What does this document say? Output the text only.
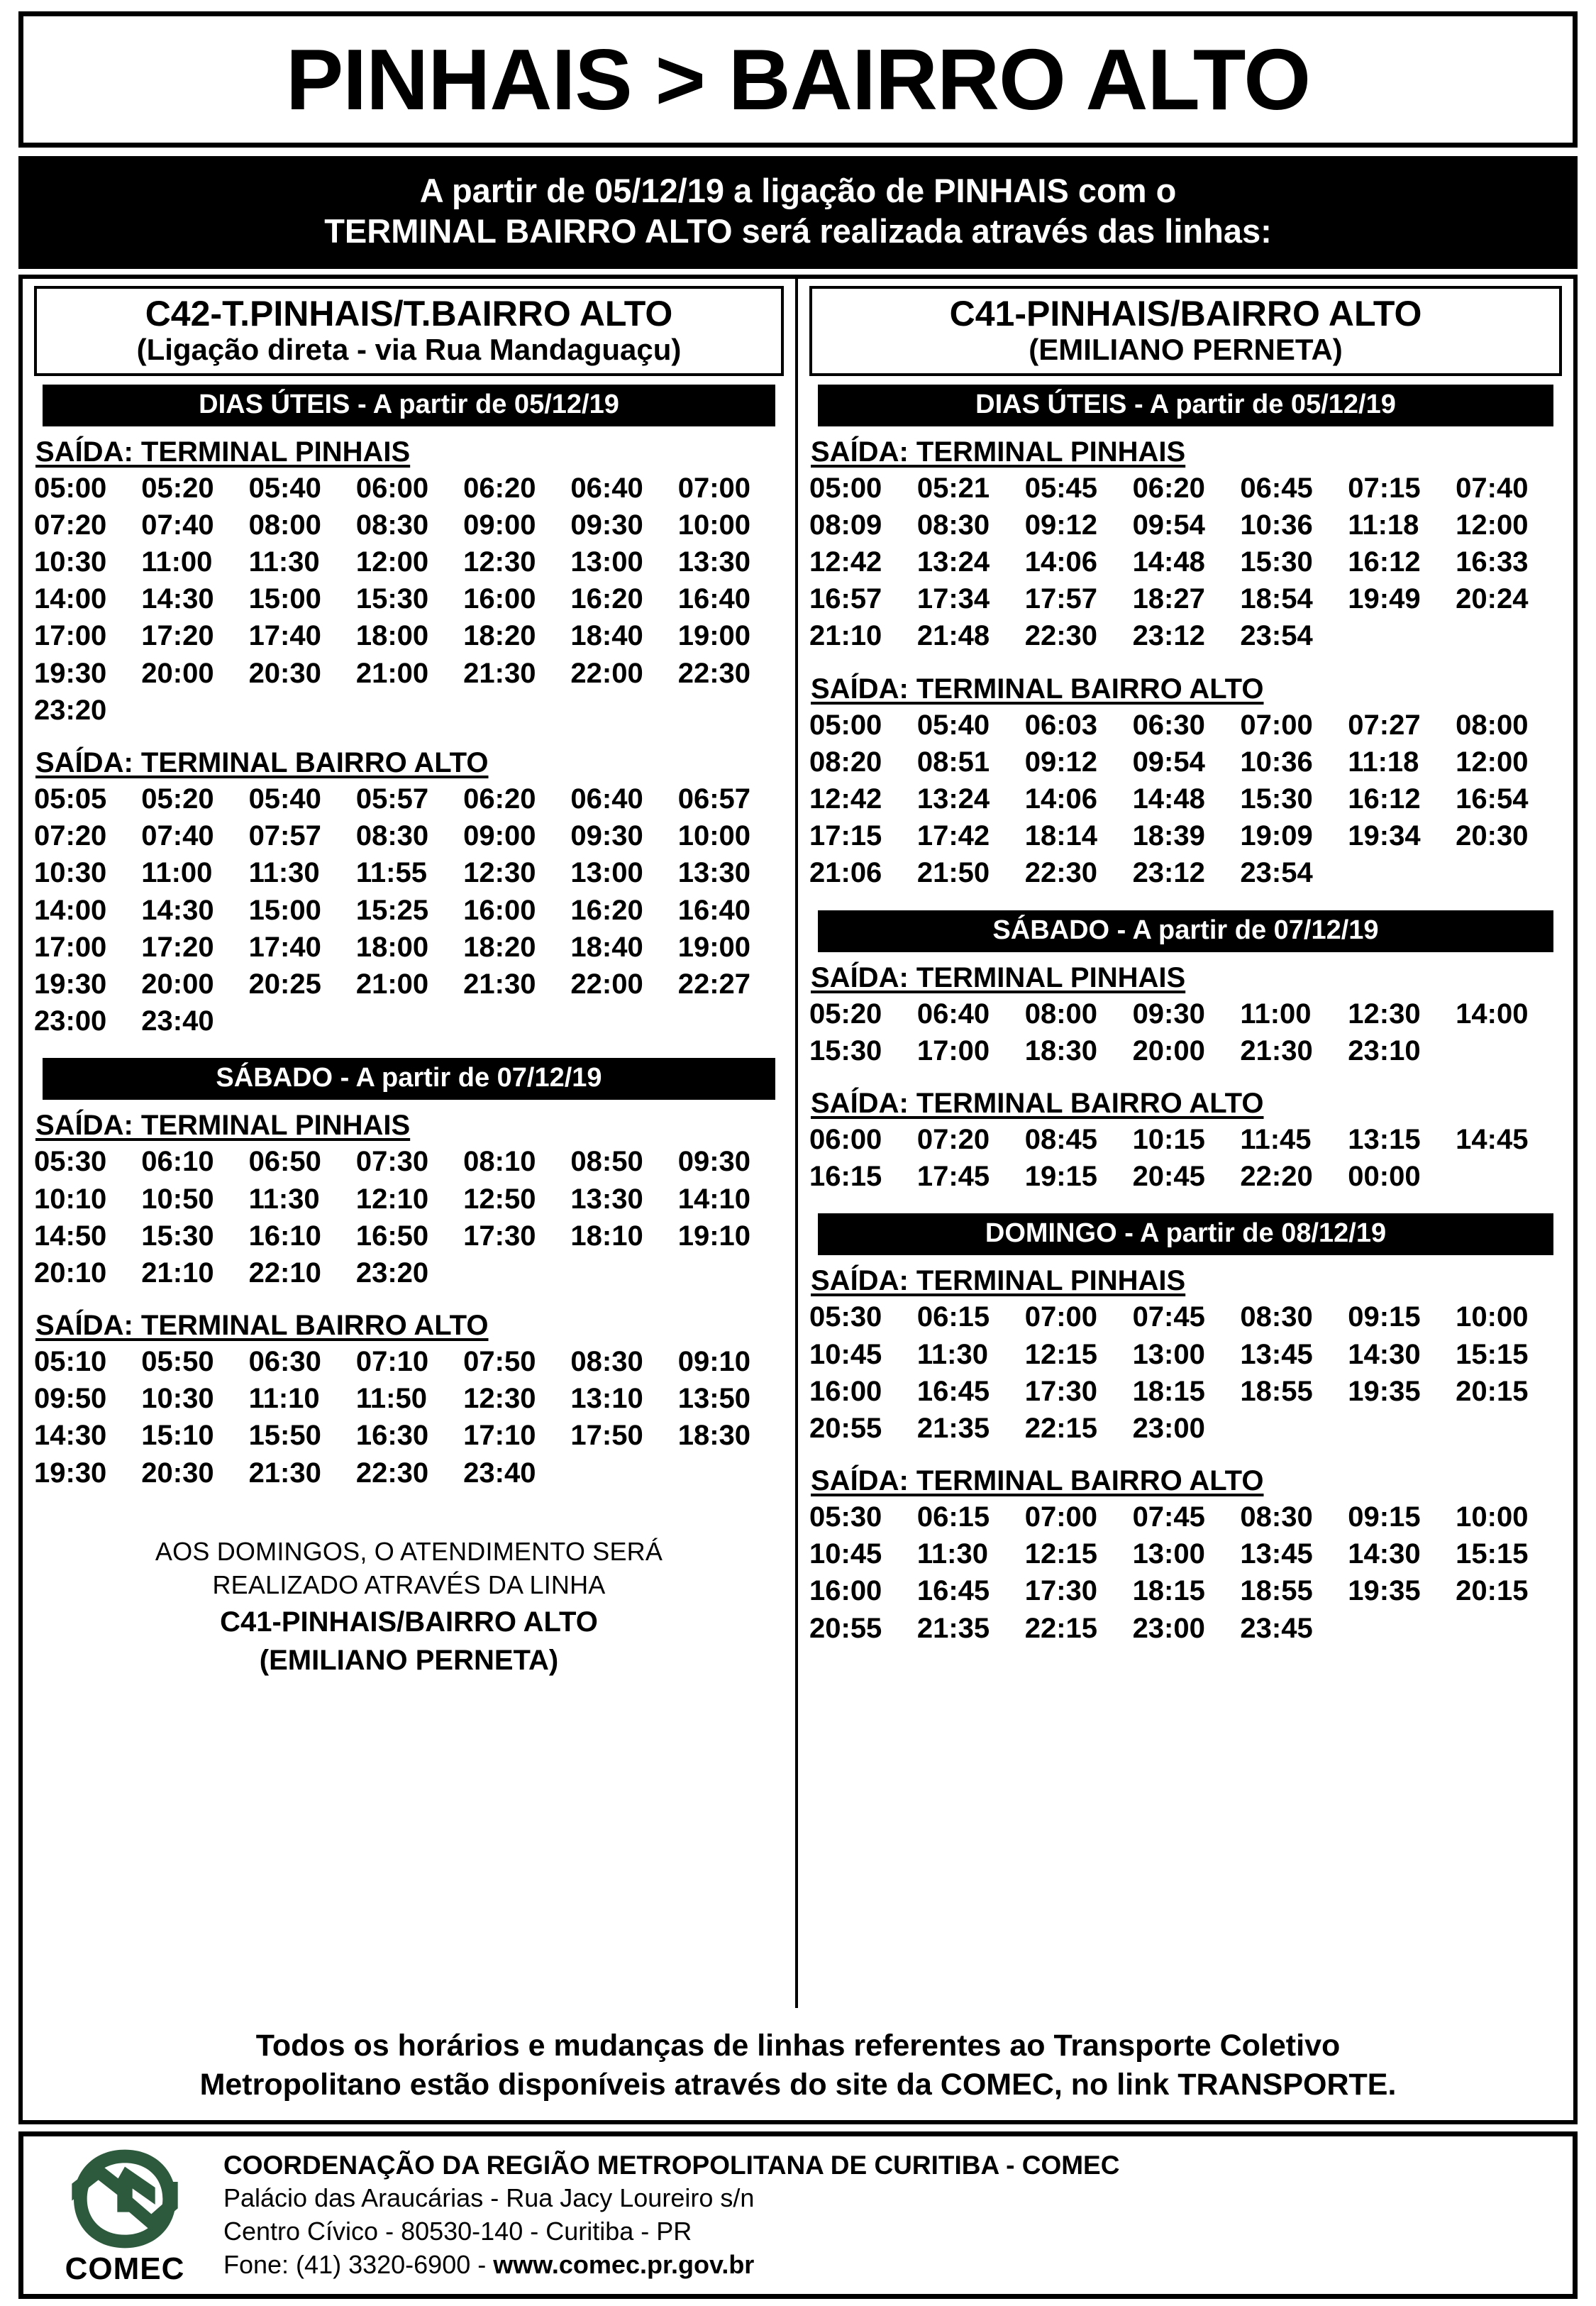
PINHAIS > BAIRRO ALTO
A partir de 05/12/19 a ligação de PINHAIS com o
TERMINAL BAIRRO ALTO será realizada através das linhas:
C42-T.PINHAIS/T.BAIRRO ALTO
(Ligação direta - via Rua Mandaguaçu)
DIAS ÚTEIS - A partir de 05/12/19
SAÍDA: TERMINAL PINHAIS
05:00	05:20	05:40	06:00	06:20	06:40	07:00
07:20	07:40	08:00	08:30	09:00	09:30	10:00
10:30	11:00	11:30	12:00	12:30	13:00	13:30
14:00	14:30	15:00	15:30	16:00	16:20	16:40
17:00	17:20	17:40	18:00	18:20	18:40	19:00
19:30	20:00	20:30	21:00	21:30	22:00	22:30
23:20
SAÍDA: TERMINAL BAIRRO ALTO
05:05	05:20	05:40	05:57	06:20	06:40	06:57
07:20	07:40	07:57	08:30	09:00	09:30	10:00
10:30	11:00	11:30	11:55	12:30	13:00	13:30
14:00	14:30	15:00	15:25	16:00	16:20	16:40
17:00	17:20	17:40	18:00	18:20	18:40	19:00
19:30	20:00	20:25	21:00	21:30	22:00	22:27
23:00	23:40
SÁBADO - A partir de 07/12/19
SAÍDA: TERMINAL PINHAIS
05:30	06:10	06:50	07:30	08:10	08:50	09:30
10:10	10:50	11:30	12:10	12:50	13:30	14:10
14:50	15:30	16:10	16:50	17:30	18:10	19:10
20:10	21:10	22:10	23:20
SAÍDA: TERMINAL BAIRRO ALTO
05:10	05:50	06:30	07:10	07:50	08:30	09:10
09:50	10:30	11:10	11:50	12:30	13:10	13:50
14:30	15:10	15:50	16:30	17:10	17:50	18:30
19:30	20:30	21:30	22:30	23:40
AOS DOMINGOS, O ATENDIMENTO SERÁ
REALIZADO ATRAVÉS DA LINHA
C41-PINHAIS/BAIRRO ALTO
(EMILIANO PERNETA)
C41-PINHAIS/BAIRRO ALTO
(EMILIANO PERNETA)
DIAS ÚTEIS - A partir de 05/12/19
SAÍDA: TERMINAL PINHAIS
05:00	05:21	05:45	06:20	06:45	07:15	07:40
08:09	08:30	09:12	09:54	10:36	11:18	12:00
12:42	13:24	14:06	14:48	15:30	16:12	16:33
16:57	17:34	17:57	18:27	18:54	19:49	20:24
21:10	21:48	22:30	23:12	23:54
SAÍDA: TERMINAL BAIRRO ALTO
05:00	05:40	06:03	06:30	07:00	07:27	08:00
08:20	08:51	09:12	09:54	10:36	11:18	12:00
12:42	13:24	14:06	14:48	15:30	16:12	16:54
17:15	17:42	18:14	18:39	19:09	19:34	20:30
21:06	21:50	22:30	23:12	23:54
SÁBADO - A partir de 07/12/19
SAÍDA: TERMINAL PINHAIS
05:20	06:40	08:00	09:30	11:00	12:30	14:00
15:30	17:00	18:30	20:00	21:30	23:10
SAÍDA: TERMINAL BAIRRO ALTO
06:00	07:20	08:45	10:15	11:45	13:15	14:45
16:15	17:45	19:15	20:45	22:20	00:00
DOMINGO - A partir de 08/12/19
SAÍDA: TERMINAL PINHAIS
05:30	06:15	07:00	07:45	08:30	09:15	10:00
10:45	11:30	12:15	13:00	13:45	14:30	15:15
16:00	16:45	17:30	18:15	18:55	19:35	20:15
20:55	21:35	22:15	23:00
SAÍDA: TERMINAL BAIRRO ALTO
05:30	06:15	07:00	07:45	08:30	09:15	10:00
10:45	11:30	12:15	13:00	13:45	14:30	15:15
16:00	16:45	17:30	18:15	18:55	19:35	20:15
20:55	21:35	22:15	23:00	23:45
Todos os horários e mudanças de linhas referentes ao Transporte Coletivo
Metropolitano estão disponíveis através do site da COMEC, no link TRANSPORTE.
COMEC
COORDENAÇÃO DA REGIÃO METROPOLITANA DE CURITIBA - COMEC
Palácio das Araucárias - Rua Jacy Loureiro s/n
Centro Cívico - 80530-140 - Curitiba - PR
Fone: (41) 3320-6900 - www.comec.pr.gov.br
